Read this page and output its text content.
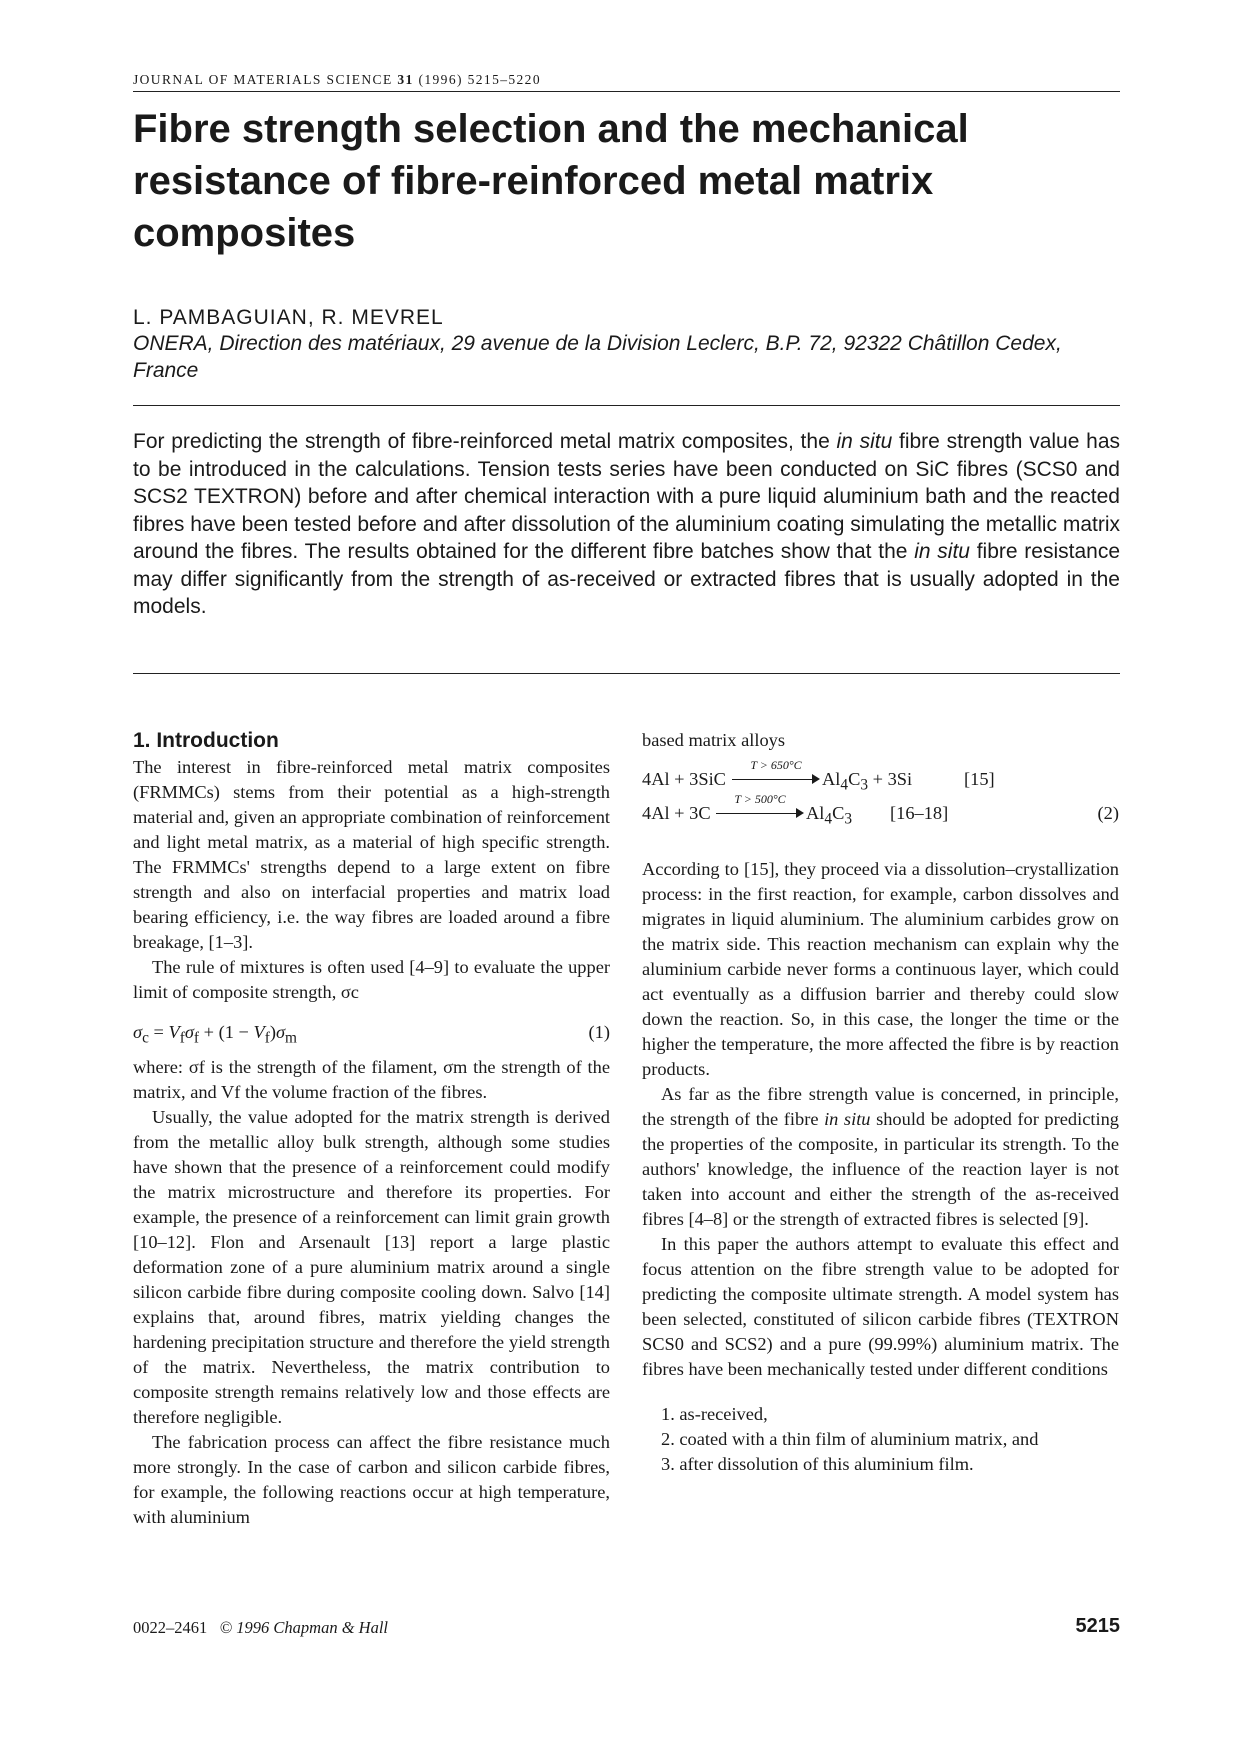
JOURNAL OF MATERIALS SCIENCE 31 (1996) 5215–5220
Fibre strength selection and the mechanical resistance of fibre-reinforced metal matrix composites
L. PAMBAGUIAN, R. MEVREL
ONERA, Direction des matériaux, 29 avenue de la Division Leclerc, B.P. 72, 92322 Châtillon Cedex, France
For predicting the strength of fibre-reinforced metal matrix composites, the in situ fibre strength value has to be introduced in the calculations. Tension tests series have been conducted on SiC fibres (SCS0 and SCS2 TEXTRON) before and after chemical interaction with a pure liquid aluminium bath and the reacted fibres have been tested before and after dissolution of the aluminium coating simulating the metallic matrix around the fibres. The results obtained for the different fibre batches show that the in situ fibre resistance may differ significantly from the strength of as-received or extracted fibres that is usually adopted in the models.
1. Introduction

The interest in fibre-reinforced metal matrix composites (FRMMCs) stems from their potential as a high-strength material and, given an appropriate combination of reinforcement and light metal matrix, as a material of high specific strength. The FRMMCs' strengths depend to a large extent on fibre strength and also on interfacial properties and matrix load bearing efficiency, i.e. the way fibres are loaded around a fibre breakage, [1–3].

The rule of mixtures is often used [4–9] to evaluate the upper limit of composite strength, σc

$\sigma_c = V_f\sigma_f + (1 - V_f)\sigma_m$	(1)

where: σf is the strength of the filament, σm the strength of the matrix, and Vf the volume fraction of the fibres.

Usually, the value adopted for the matrix strength is derived from the metallic alloy bulk strength, although some studies have shown that the presence of a reinforcement could modify the matrix microstructure and therefore its properties. For example, the presence of a reinforcement can limit grain growth [10–12]. Flon and Arsenault [13] report a large plastic deformation zone of a pure aluminium matrix around a single silicon carbide fibre during composite cooling down. Salvo [14] explains that, around fibres, matrix yielding changes the hardening precipitation structure and therefore the yield strength of the matrix. Nevertheless, the matrix contribution to composite strength remains relatively low and those effects are therefore negligible.

The fabrication process can affect the fibre resistance much more strongly. In the case of carbon and silicon carbide fibres, for example, the following reactions occur at high temperature, with aluminium

based matrix alloys

4Al + 3SiC
T > 650°C
$Al_4C_3 + 3Si$	[15]
4Al + 3C
T > 500°C
$Al_4C_3$ [16–18]	(2)

According to [15], they proceed via a dissolution–crystallization process: in the first reaction, for example, carbon dissolves and migrates in liquid aluminium. The aluminium carbides grow on the matrix side. This reaction mechanism can explain why the aluminium carbide never forms a continuous layer, which could act eventually as a diffusion barrier and thereby could slow down the reaction. So, in this case, the longer the time or the higher the temperature, the more affected the fibre is by reaction products.

As far as the fibre strength value is concerned, in principle, the strength of the fibre in situ should be adopted for predicting the properties of the composite, in particular its strength. To the authors' knowledge, the influence of the reaction layer is not taken into account and either the strength of the as-received fibres [4–8] or the strength of extracted fibres is selected [9].

In this paper the authors attempt to evaluate this effect and focus attention on the fibre strength value to be adopted for predicting the composite ultimate strength. A model system has been selected, constituted of silicon carbide fibres (TEXTRON SCS0 and SCS2) and a pure (99.99%) aluminium matrix. The fibres have been mechanically tested under different conditions

1. as-received,
2. coated with a thin film of aluminium matrix, and
3. after dissolution of this aluminium film.
0022–2461 © 1996 Chapman & Hall	5215
